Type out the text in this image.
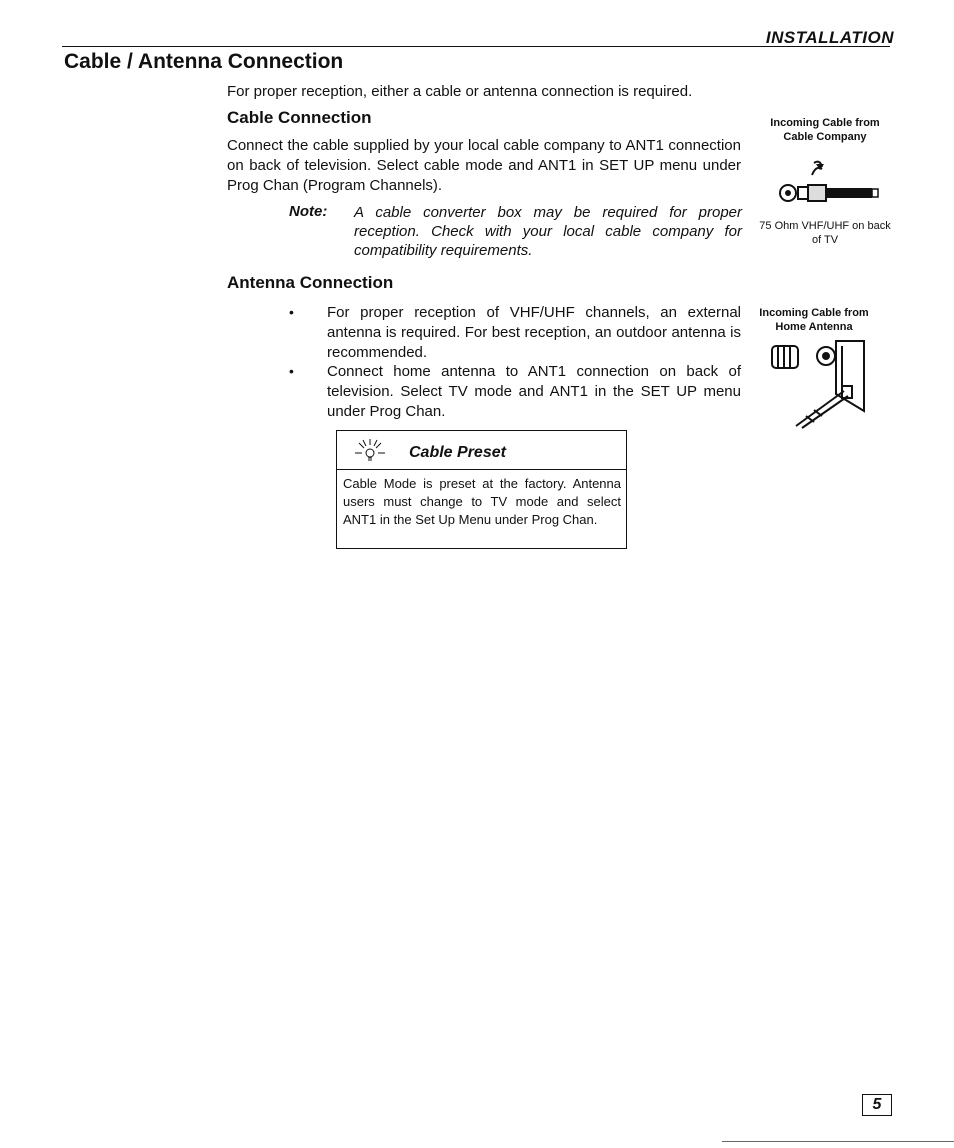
INSTALLATION
Cable / Antenna Connection
For proper reception, either a cable or antenna connection is required.
Cable Connection
Connect the cable supplied by your local cable company to ANT1 connection on back of television. Select cable mode and ANT1 in SET UP menu under Prog Chan (Program Channels).
Note: A cable converter box may be required for proper reception. Check with your local cable company for compatibility requirements.
Antenna Connection
• For proper reception of VHF/UHF channels, an external antenna is required. For best reception, an outdoor antenna is recommended.
• Connect home antenna to ANT1 connection on back of television. Select TV mode and ANT1 in the SET UP menu under Prog Chan.
Cable Preset
Cable Mode is preset at the factory. Antenna users must change to TV mode and select ANT1 in the Set Up Menu under Prog Chan.
Incoming Cable from Cable Company
75 Ohm VHF/UHF on back of TV
Incoming Cable from Home Antenna
5
